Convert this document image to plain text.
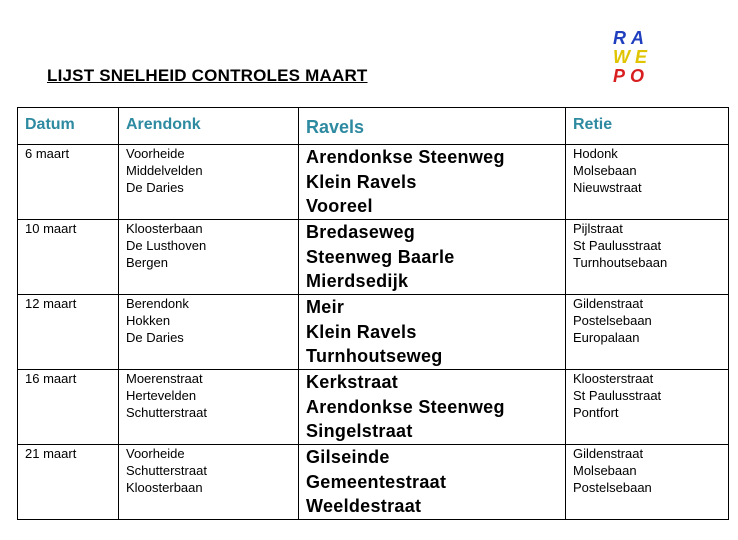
LIJST SNELHEID CONTROLES MAART
RA
WE
PO
Datum	Arendonk	Ravels	Retie
6 maart	Voorheide
Middelvelden
De Daries	Arendonkse Steenweg
Klein Ravels
Vooreel	Hodonk
Molsebaan
Nieuwstraat

10 maart	Kloosterbaan
De Lusthoven
Bergen	Bredaseweg
Steenweg Baarle
Mierdsedijk	Pijlstraat
St Paulusstraat
Turnhoutsebaan

12 maart	Berendonk
Hokken
De Daries	Meir
Klein Ravels
Turnhoutseweg	Gildenstraat
Postelsebaan
Europalaan

16 maart	Moerenstraat
Hertevelden
Schutterstraat	Kerkstraat
Arendonkse Steenweg
Singelstraat	Kloosterstraat
St Paulusstraat
Pontfort

21 maart	Voorheide
Schutterstraat
Kloosterbaan	Gilseinde
Gemeentestraat
Weeldestraat	Gildenstraat
Molsebaan
Postelsebaan
